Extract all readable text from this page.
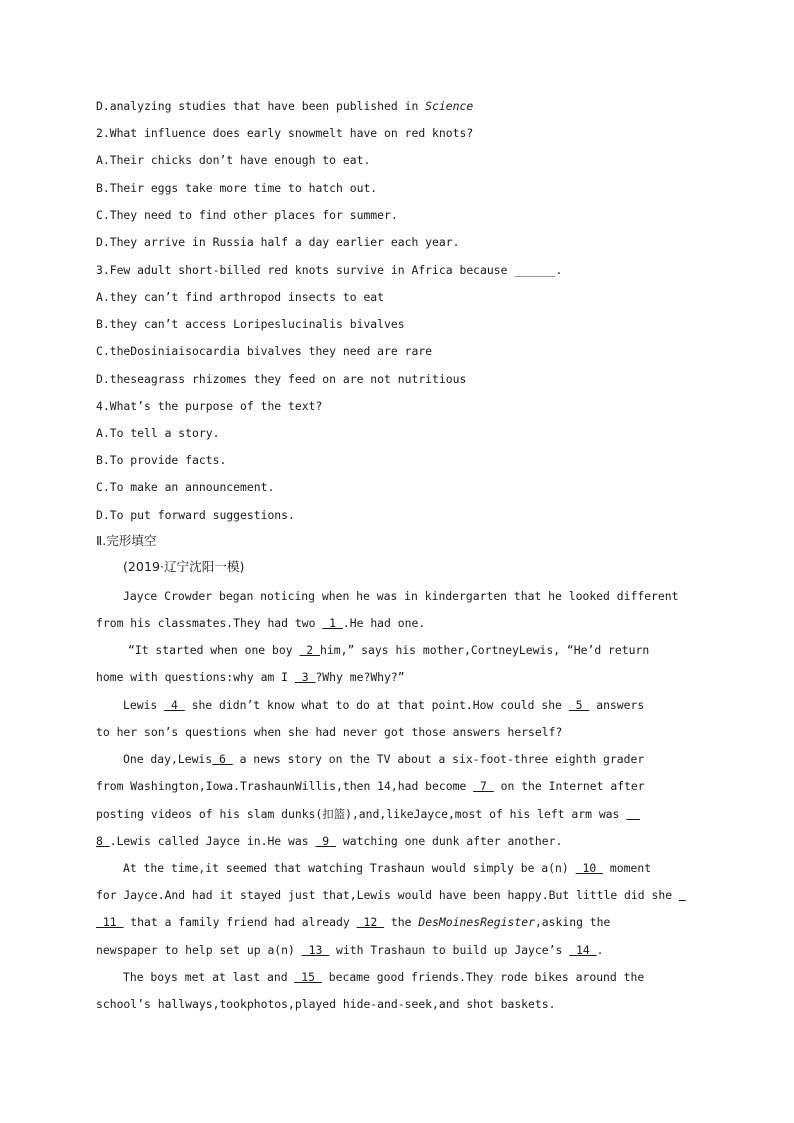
D.analyzing studies that have been published in Science
2.What influence does early snowmelt have on red knots?
A.Their chicks don’t have enough to eat.
B.Their eggs take more time to hatch out.
C.They need to find other places for summer.
D.They arrive in Russia half a day earlier each year.
3.Few adult short-billed red knots survive in Africa because ______.
A.they can’t find arthropod insects to eat
B.they can’t access Loripeslucinalis bivalves
C.theDosiniaisocardia bivalves they need are rare
D.theseagrass rhizomes they feed on are not nutritious
4.What’s the purpose of the text?
A.To tell a story.
B.To provide facts.
C.To make an announcement.
D.To put forward suggestions.
Ⅱ.完形填空
(2019·辽宁沈阳一模)
Jayce Crowder began noticing when he was in kindergarten that he looked different
from his classmates.They had two  1 .He had one.
“It started when one boy  2 him,” says his mother,CortneyLewis, “He’d return
home with questions:why am I  3 ?Why me?Why?”
Lewis  4  she didn’t know what to do at that point.How could she  5  answers
to her son’s questions when she had never got those answers herself?
One day,Lewis 6  a news story on the TV about a six-foot-three eighth grader
from Washington,Iowa.TrashaunWillis,then 14,had become  7  on the Internet after
posting videos of his slam dunks(扣篮),and,likeJayce,most of his left arm was
8 .Lewis called Jayce in.He was  9  watching one dunk after another.
At the time,it seemed that watching Trashaun would simply be a(n)  10  moment
for Jayce.And had it stayed just that,Lewis would have been happy.But little did she
11  that a family friend had already  12  the DesMoinesRegister,asking the
newspaper to help set up a(n)  13  with Trashaun to build up Jayce’s  14 .
The boys met at last and  15  became good friends.They rode bikes around the
school’s hallways,tookphotos,played hide-and-seek,and shot baskets.
